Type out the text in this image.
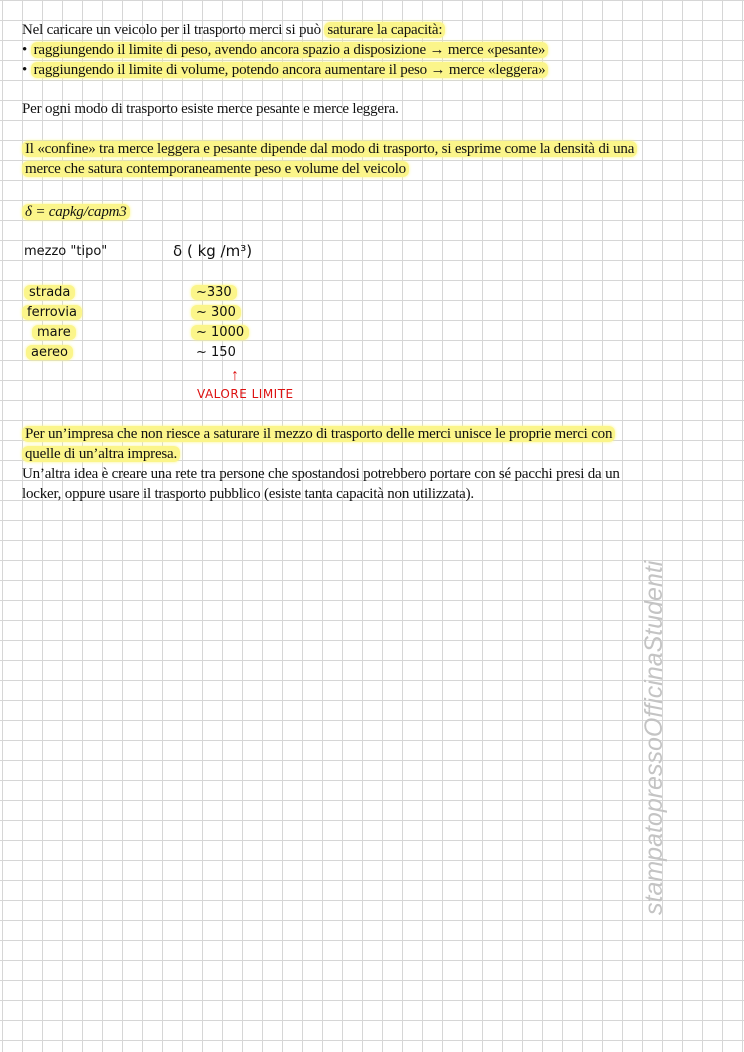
Nel caricare un veicolo per il trasporto merci si può saturare la capacità:
• raggiungendo il limite di peso, avendo ancora spazio a disposizione → merce «pesante»
• raggiungendo il limite di volume, potendo ancora aumentare il peso → merce «leggera»
Per ogni modo di trasporto esiste merce pesante e merce leggera.
Il «confine» tra merce leggera e pesante dipende dal modo di trasporto, si esprime come la densità di una
merce che satura contemporaneamente peso e volume del veicolo
δ = capkg/capm3
mezzo "tipo"	δ ( kg /m³)
strada
ferrovia
mare
aereo
~330
~ 300
~ 1000
~ 150
↑
VALORE LIMITE
Per un’impresa che non riesce a saturare il mezzo di trasporto delle merci unisce le proprie merci con
quelle di un’altra impresa.
Un’altra idea è creare una rete tra persone che spostandosi potrebbero portare con sé pacchi presi da un
locker, oppure usare il trasporto pubblico (esiste tanta capacità non utilizzata).
stampatopressoOfficinaStudenti
